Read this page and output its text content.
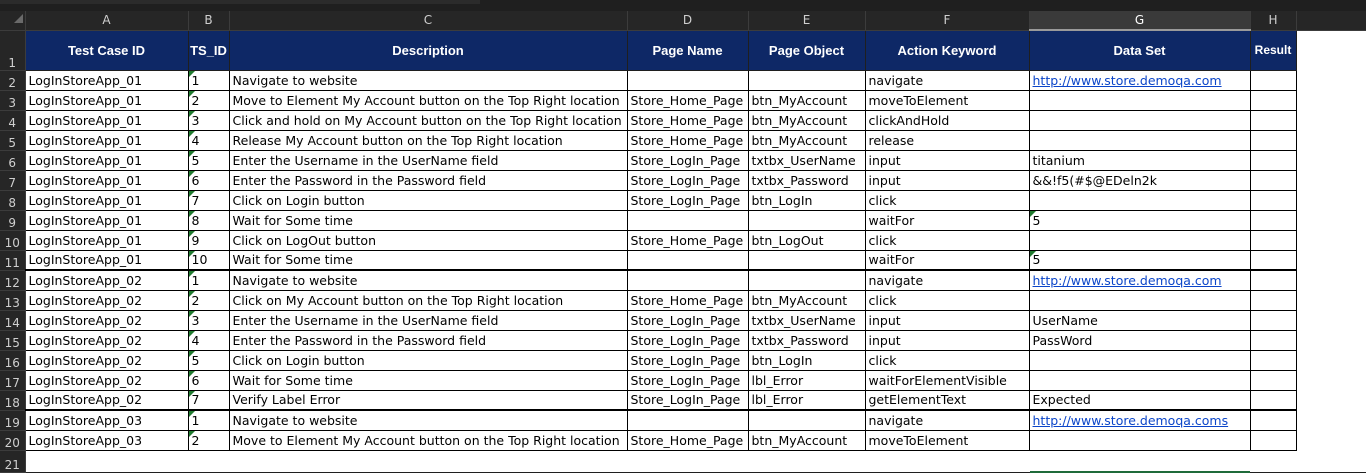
	A	B	C	D	E	F	G	H	
1	Test Case ID	TS_ID	Description	Page Name	Page Object	Action Keyword	Data Set	Result	
2	LogInStoreApp_01	1	Navigate to website			navigate	http://www.store.demoqa.com		
3	LogInStoreApp_01	2	Move to Element My Account button on the Top Right location	Store_Home_Page	btn_MyAccount	moveToElement			
4	LogInStoreApp_01	3	Click and hold on My Account button on the Top Right location	Store_Home_Page	btn_MyAccount	clickAndHold			
5	LogInStoreApp_01	4	Release My Account button on the Top Right location	Store_Home_Page	btn_MyAccount	release			
6	LogInStoreApp_01	5	Enter the Username in the UserName field	Store_LogIn_Page	txtbx_UserName	input	titanium		
7	LogInStoreApp_01	6	Enter the Password in the Password field	Store_LogIn_Page	txtbx_Password	input	&&!f5(#$@EDeln2k		
8	LogInStoreApp_01	7	Click on Login button	Store_LogIn_Page	btn_LogIn	click			
9	LogInStoreApp_01	8	Wait for Some time			waitFor	5		
10	LogInStoreApp_01	9	Click on LogOut button	Store_Home_Page	btn_LogOut	click			
11	LogInStoreApp_01	10	Wait for Some time			waitFor	5		
12	LogInStoreApp_02	1	Navigate to website			navigate	http://www.store.demoqa.com		
13	LogInStoreApp_02	2	Click on My Account button on the Top Right location	Store_Home_Page	btn_MyAccount	click			
14	LogInStoreApp_02	3	Enter the Username in the UserName field	Store_LogIn_Page	txtbx_UserName	input	UserName		
15	LogInStoreApp_02	4	Enter the Password in the Password field	Store_LogIn_Page	txtbx_Password	input	PassWord		
16	LogInStoreApp_02	5	Click on Login button	Store_LogIn_Page	btn_LogIn	click			
17	LogInStoreApp_02	6	Wait for Some time	Store_LogIn_Page	lbl_Error	waitForElementVisible			
18	LogInStoreApp_02	7	Verify Label Error	Store_LogIn_Page	lbl_Error	getElementText	Expected		
19	LogInStoreApp_03	1	Navigate to website			navigate	http://www.store.demoqa.coms		
20	LogInStoreApp_03	2	Move to Element My Account button on the Top Right location	Store_Home_Page	btn_MyAccount	moveToElement			
21									
